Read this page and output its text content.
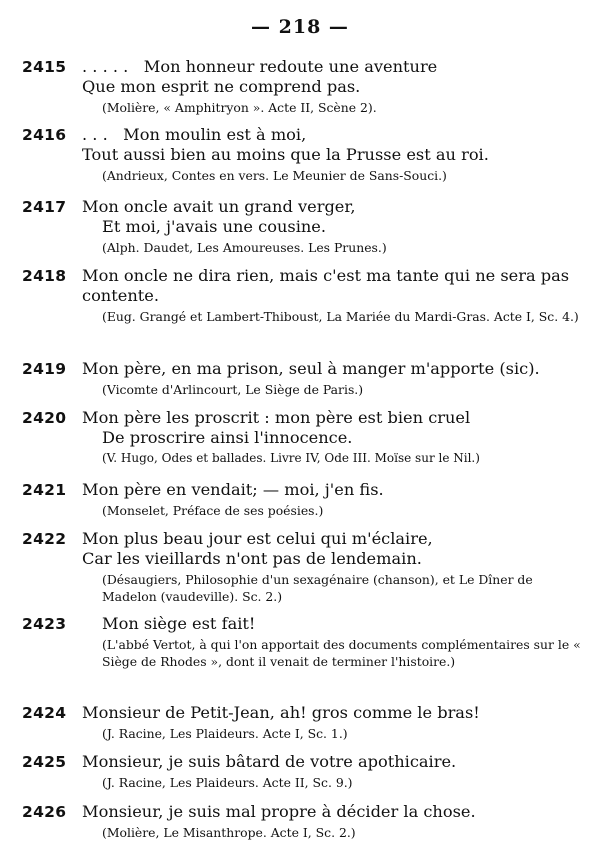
— 218 —
2415 . . . . .   Mon honneur redoute une aventure
Que mon esprit ne comprend pas.
(Molière, « Amphitryon ». Acte II, Scène 2).
2416 . . .   Mon moulin est à moi,
Tout aussi bien au moins que la Prusse est au roi.
(Andrieux, Contes en vers. Le Meunier de Sans-Souci.)
2417 Mon oncle avait un grand verger,
Et moi, j'avais une cousine.
(Alph. Daudet, Les Amoureuses. Les Prunes.)
2418 Mon oncle ne dira rien, mais c'est ma tante qui ne sera pas contente.
(Eug. Grangé et Lambert-Thiboust, La Mariée du Mardi-Gras. Acte I, Sc. 4.)
2419 Mon père, en ma prison, seul à manger m'apporte (sic).
(Vicomte d'Arlincourt, Le Siège de Paris.)
2420 Mon père les proscrit : mon père est bien cruel
De proscrire ainsi l'innocence.
(V. Hugo, Odes et ballades. Livre IV, Ode III. Moïse sur le Nil.)
2421 Mon père en vendait; — moi, j'en fis.
(Monselet, Préface de ses poésies.)
2422 Mon plus beau jour est celui qui m'éclaire,
Car les vieillards n'ont pas de lendemain.
(Désaugiers, Philosophie d'un sexagénaire (chanson), et Le Dîner de Madelon (vaudeville). Sc. 2.)
2423	Mon siège est fait!
(L'abbé Vertot, à qui l'on apportait des documents complémentaires sur le « Siège de Rhodes », dont il venait de terminer l'histoire.)
2424 Monsieur de Petit-Jean, ah! gros comme le bras!
(J. Racine, Les Plaideurs. Acte I, Sc. 1.)
2425 Monsieur, je suis bâtard de votre apothicaire.
(J. Racine, Les Plaideurs. Acte II, Sc. 9.)
2426 Monsieur, je suis mal propre à décider la chose.
(Molière, Le Misanthrope. Acte I, Sc. 2.)
